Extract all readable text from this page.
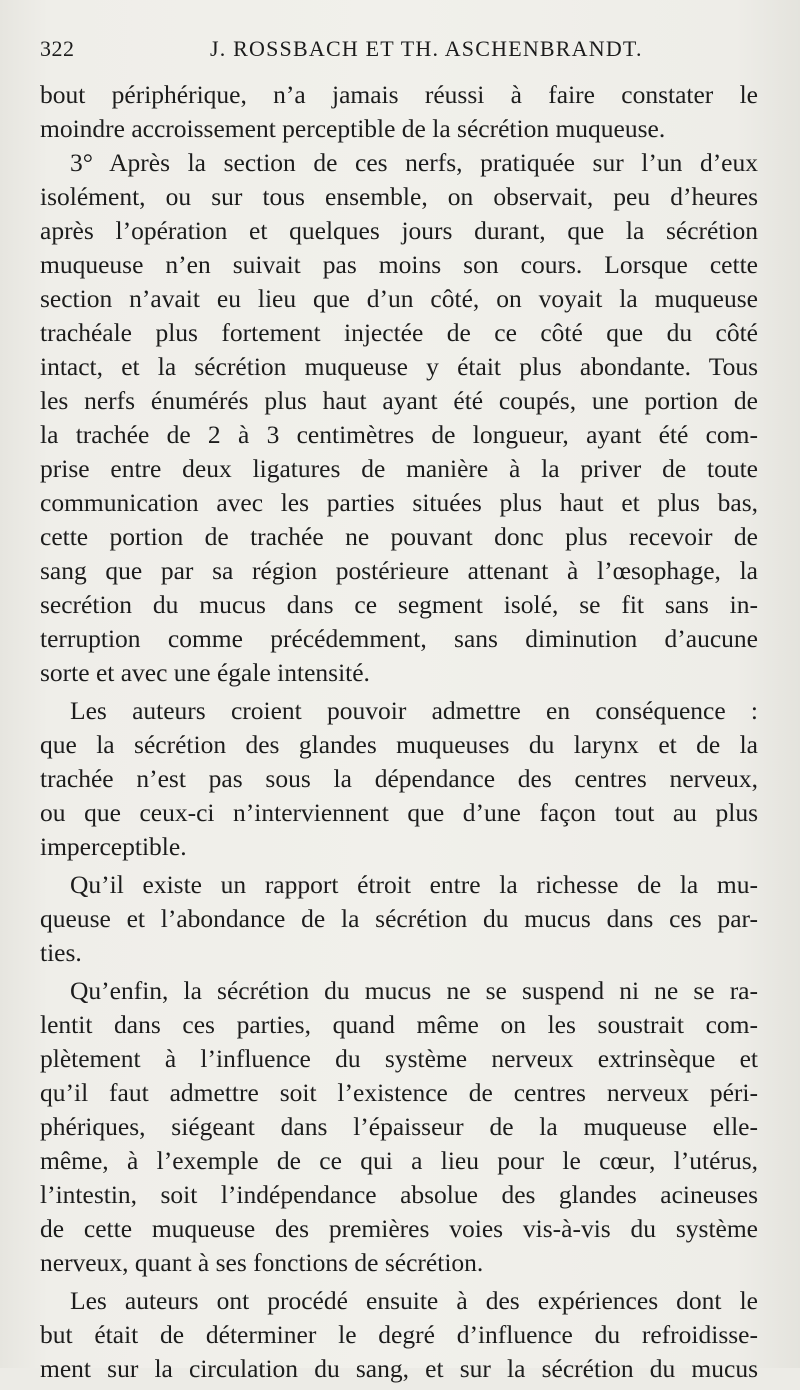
322	J. ROSSBACH ET TH. ASCHENBRANDT.
bout périphérique, n’a jamais réussi à faire constater le
moindre accroissement perceptible de la sécrétion muqueuse.
3° Après la section de ces nerfs, pratiquée sur l’un d’eux
isolément, ou sur tous ensemble, on observait, peu d’heures
après l’opération et quelques jours durant, que la sécrétion
muqueuse n’en suivait pas moins son cours. Lorsque cette
section n’avait eu lieu que d’un côté, on voyait la muqueuse
trachéale plus fortement injectée de ce côté que du côté
intact, et la sécrétion muqueuse y était plus abondante. Tous
les nerfs énumérés plus haut ayant été coupés, une portion de
la trachée de 2 à 3 centimètres de longueur, ayant été com-
prise entre deux ligatures de manière à la priver de toute
communication avec les parties situées plus haut et plus bas,
cette portion de trachée ne pouvant donc plus recevoir de
sang que par sa région postérieure attenant à l’œsophage, la
secrétion du mucus dans ce segment isolé, se fit sans in-
terruption comme précédemment, sans diminution d’aucune
sorte et avec une égale intensité.
Les auteurs croient pouvoir admettre en conséquence :
que la sécrétion des glandes muqueuses du larynx et de la
trachée n’est pas sous la dépendance des centres nerveux,
ou que ceux-ci n’interviennent que d’une façon tout au plus
imperceptible.
Qu’il existe un rapport étroit entre la richesse de la mu-
queuse et l’abondance de la sécrétion du mucus dans ces par-
ties.
Qu’enfin, la sécrétion du mucus ne se suspend ni ne se ra-
lentit dans ces parties, quand même on les soustrait com-
plètement à l’influence du système nerveux extrinsèque et
qu’il faut admettre soit l’existence de centres nerveux péri-
phériques, siégeant dans l’épaisseur de la muqueuse elle-
même, à l’exemple de ce qui a lieu pour le cœur, l’utérus,
l’intestin, soit l’indépendance absolue des glandes acineuses
de cette muqueuse des premières voies vis-à-vis du système
nerveux, quant à ses fonctions de sécrétion.
Les auteurs ont procédé ensuite à des expériences dont le
but était de déterminer le degré d’influence du refroidisse-
ment sur la circulation du sang, et sur la sécrétion du mucus
